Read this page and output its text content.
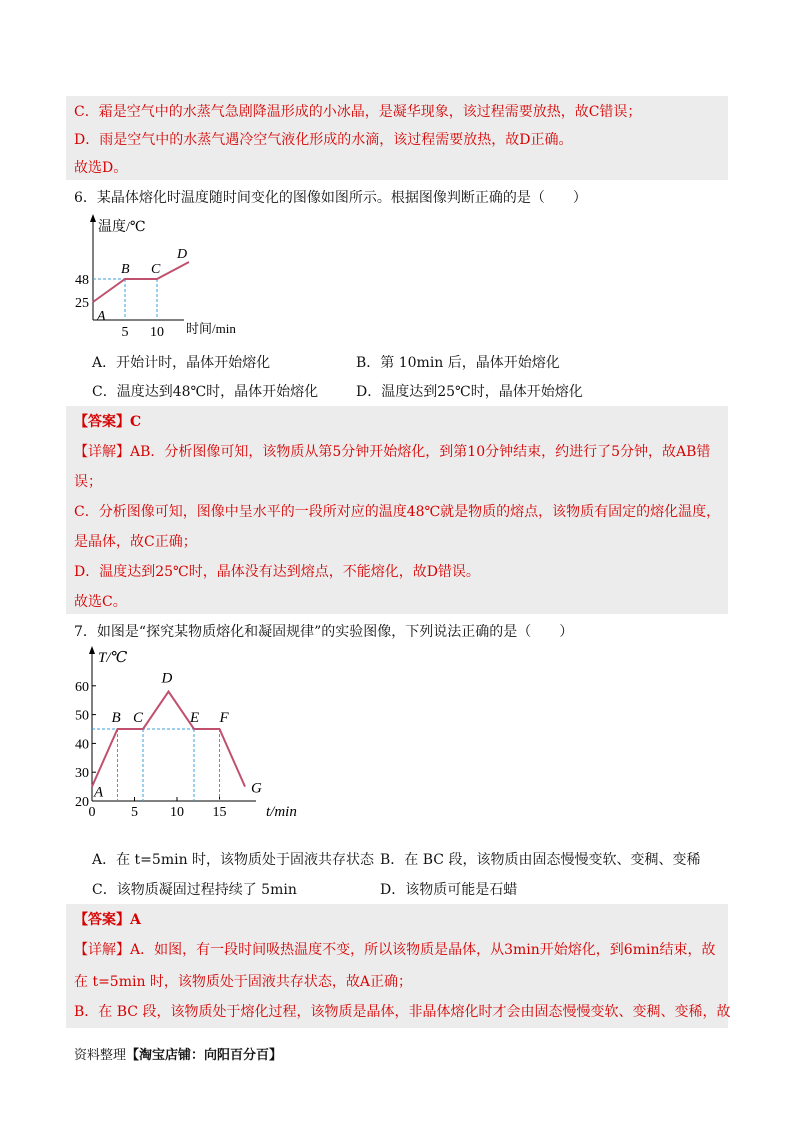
C．霜是空气中的水蒸气急剧降温形成的小冰晶，是凝华现象，该过程需要放热，故C错误；
D．雨是空气中的水蒸气遇冷空气液化形成的水滴，该过程需要放热，故D正确。
故选D。
6．某晶体熔化时温度随时间变化的图像如图所示。根据图像判断正确的是（　　）
温度/℃
时间/min
A
B C
D
48
25
5 10
A．开始计时，晶体开始熔化	B．第 10min 后，晶体开始熔化
C．温度达到48℃时，晶体开始熔化	D．温度达到25℃时，晶体开始熔化
【答案】C
【详解】AB．分析图像可知，该物质从第5分钟开始熔化，到第10分钟结束，约进行了5分钟，故AB错
误；
C．分析图像可知，图像中呈水平的一段所对应的温度48℃就是物质的熔点，该物质有固定的熔化温度，
是晶体，故C正确；
D．温度达到25℃时，晶体没有达到熔点，不能熔化，故D错误。
故选C。
7．如图是“探究某物质熔化和凝固规律”的实验图像，下列说法正确的是（　　）
T/℃
t/min
20
30
40
50
60
0	5 10 15
A
B C
D
E F
G
A．在 t=5min 时，该物质处于固液共存状态 B．在 BC 段，该物质由固态慢慢变软、变稠、变稀
C．该物质凝固过程持续了 5min	D．该物质可能是石蜡
【答案】A
【详解】A．如图，有一段时间吸热温度不变，所以该物质是晶体，从3min开始熔化，到6min结束，故
在 t=5min 时，该物质处于固液共存状态，故A正确；
B．在 BC 段，该物质处于熔化过程，该物质是晶体，非晶体熔化时才会由固态慢慢变软、变稠、变稀，故
资料整理【淘宝店铺：向阳百分百】
